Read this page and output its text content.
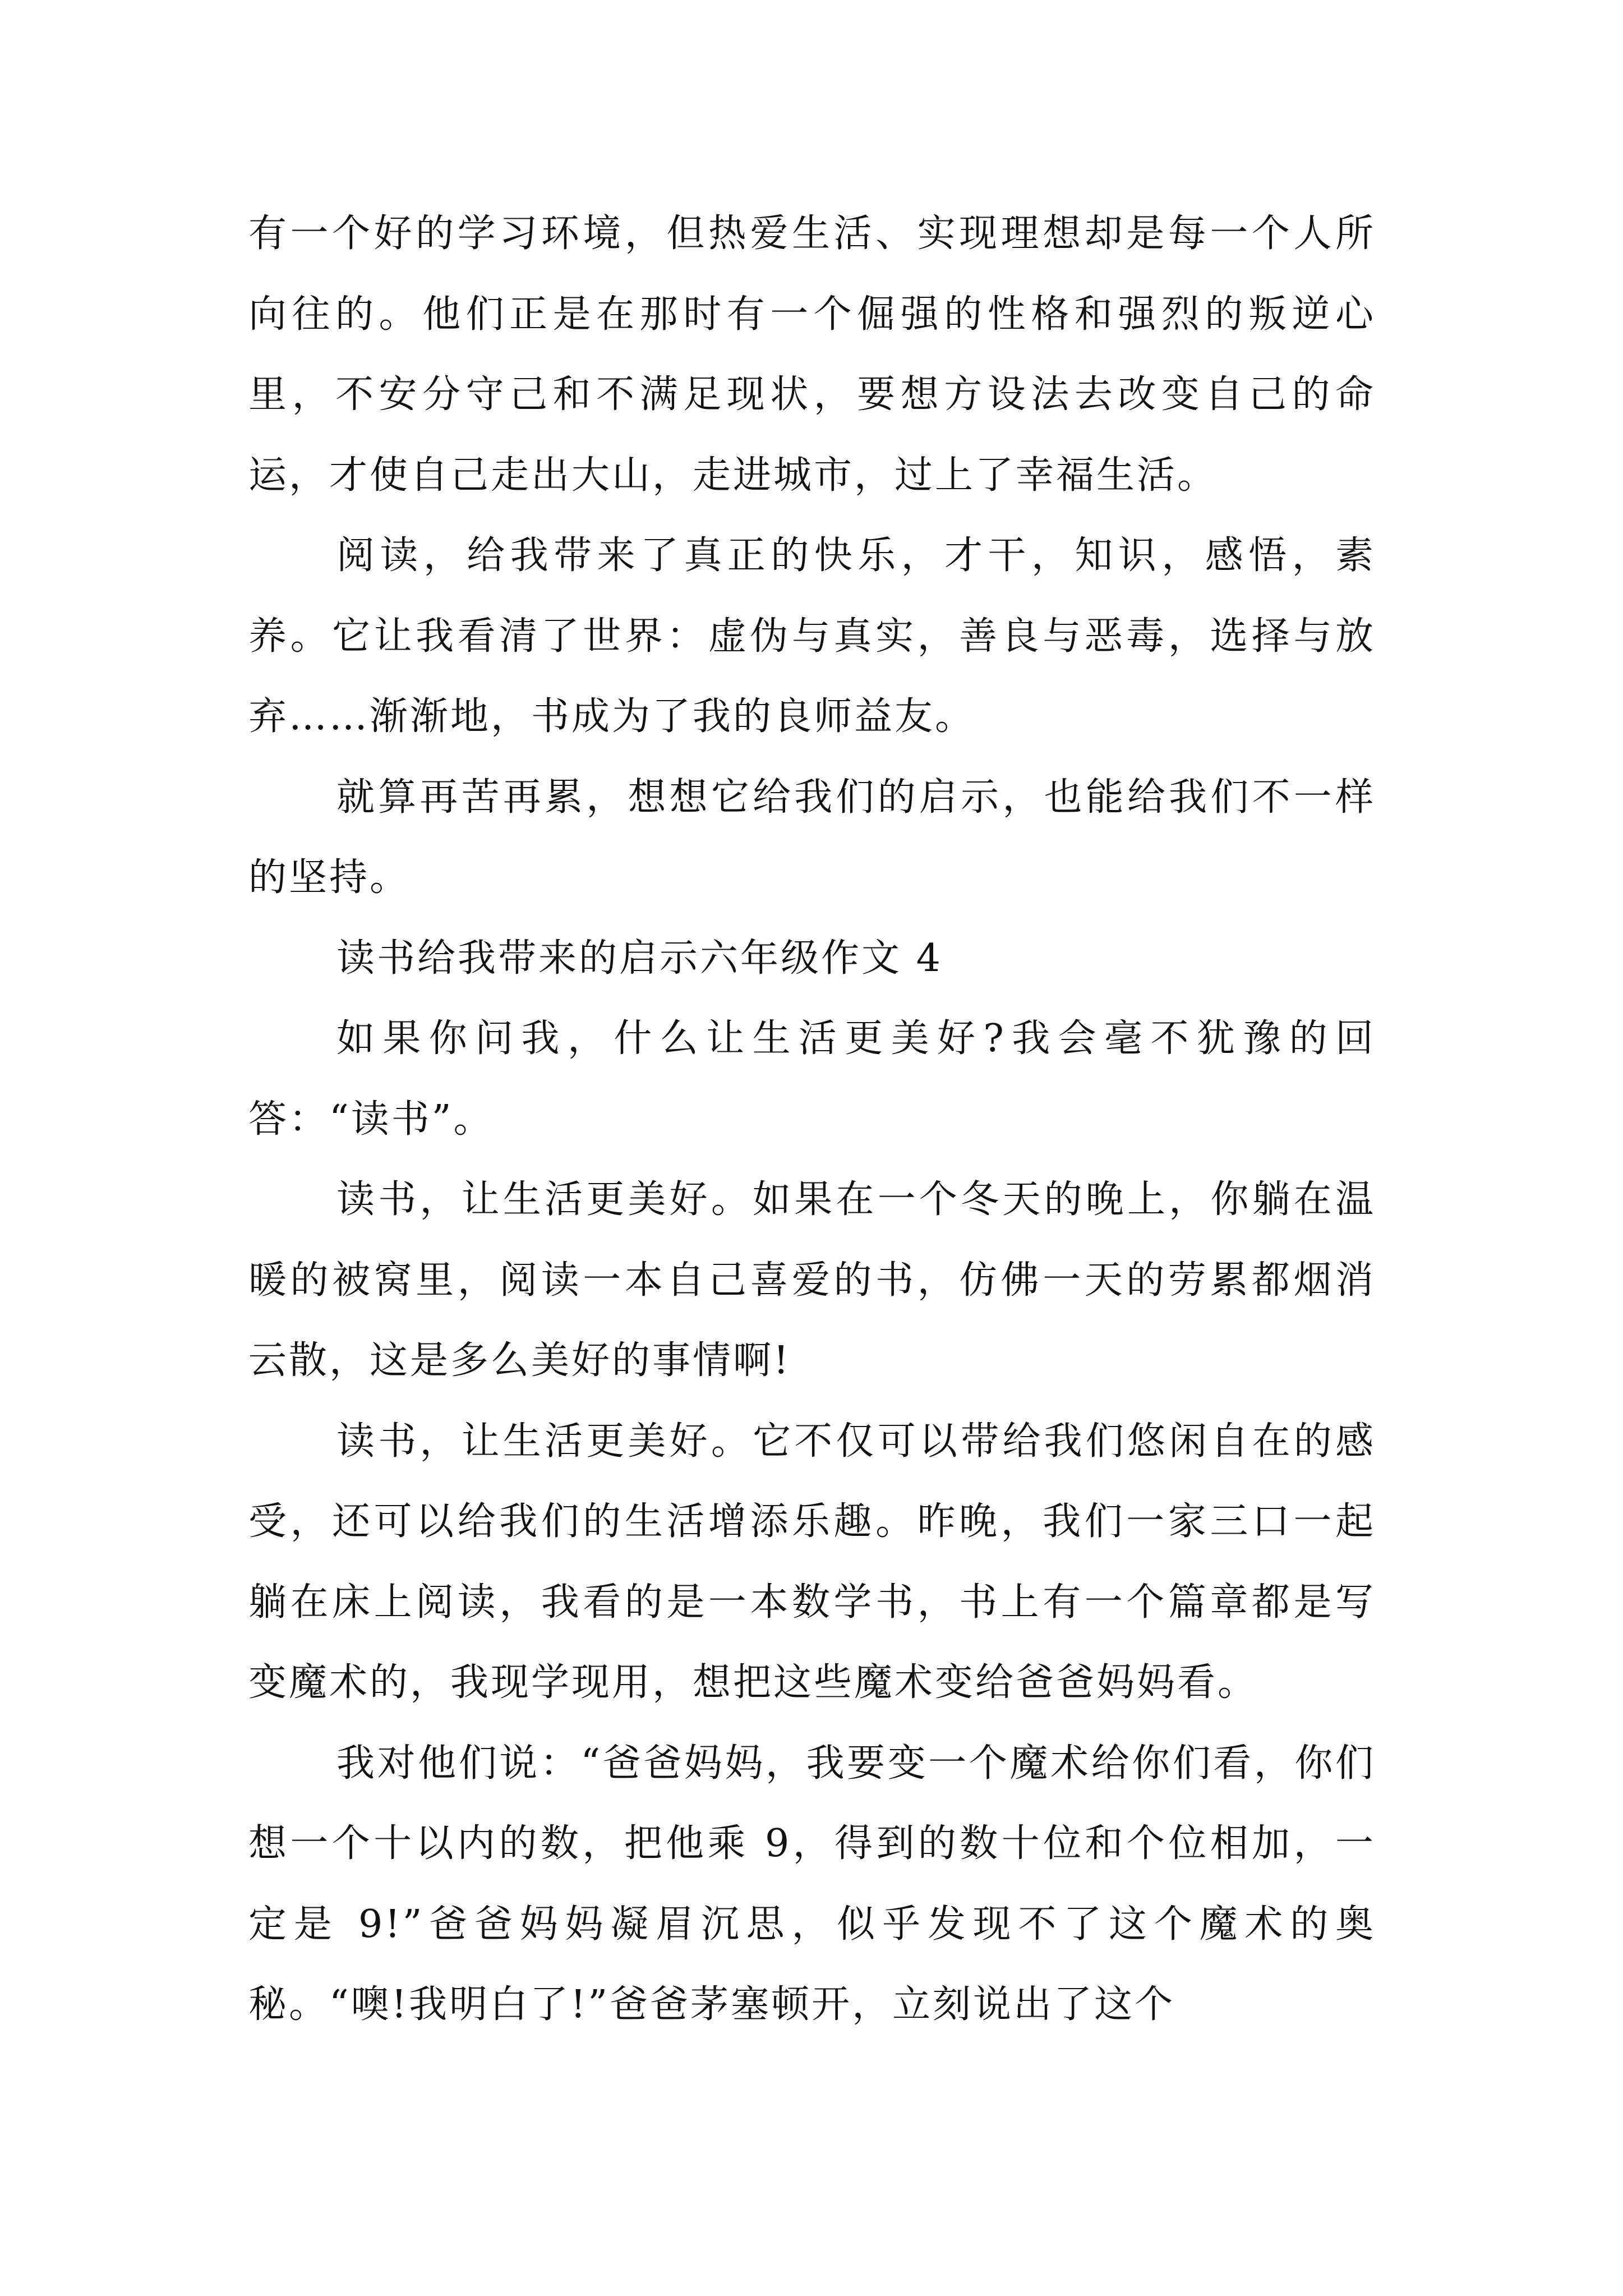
有一个好的学习环境，但热爱生活、实现理想却是每一个人所向往的。他们正是在那时有一个倔强的性格和强烈的叛逆心里，不安分守己和不满足现状，要想方设法去改变自己的命运，才使自己走出大山，走进城市，过上了幸福生活。

阅读，给我带来了真正的快乐，才干，知识，感悟，素养。它让我看清了世界：虚伪与真实，善良与恶毒，选择与放弃……渐渐地，书成为了我的良师益友。

就算再苦再累，想想它给我们的启示，也能给我们不一样的坚持。

读书给我带来的启示六年级作文 4

如果你问我，什么让生活更美好?我会毫不犹豫的回答：“读书”。

读书，让生活更美好。如果在一个冬天的晚上，你躺在温暖的被窝里，阅读一本自己喜爱的书，仿佛一天的劳累都烟消云散，这是多么美好的事情啊!

读书，让生活更美好。它不仅可以带给我们悠闲自在的感受，还可以给我们的生活增添乐趣。昨晚，我们一家三口一起躺在床上阅读，我看的是一本数学书，书上有一个篇章都是写变魔术的，我现学现用，想把这些魔术变给爸爸妈妈看。

我对他们说：“爸爸妈妈，我要变一个魔术给你们看，你们想一个十以内的数，把他乘 9，得到的数十位和个位相加，一定是 9!”爸爸妈妈凝眉沉思，似乎发现不了这个魔术的奥秘。“噢!我明白了!”爸爸茅塞顿开，立刻说出了这个
